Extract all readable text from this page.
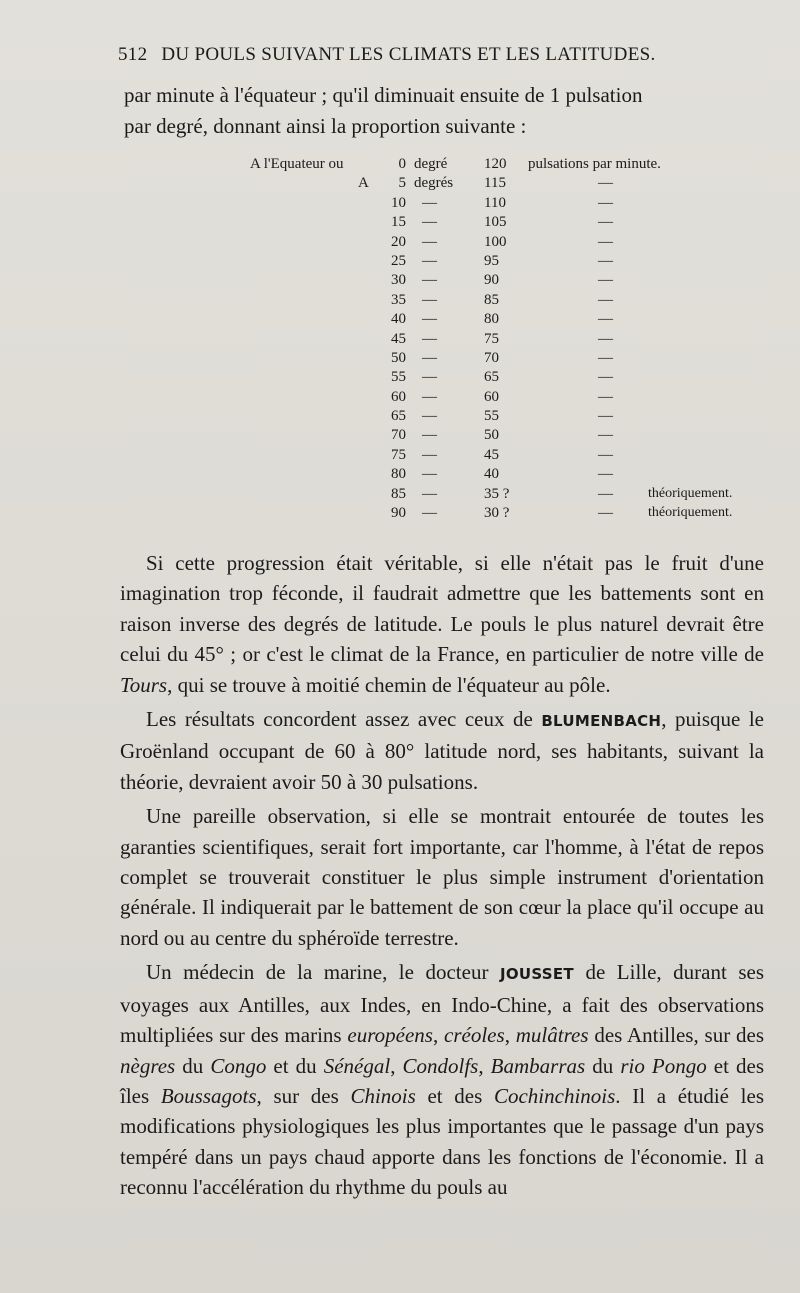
512 DU POULS SUIVANT LES CLIMATS ET LES LATITUDES.

par minute à l'équateur ; qu'il diminuait ensuite de 1 pulsation

par degré, donnant ainsi la proportion suivante :

A l'Equateur ou	0 degré 120 pulsations par minute.
A	5 degrés 115	—
10 —	110	—
15 —	105	—
20 —	100	—
25 —	95	—
30 —	90	—
35 —	85	—
40 —	80	—
45 —	75	—
50 —	70	—
55 —	65	—
60 —	60	—
65 —	55	—
70 —	50	—
75 —	45	—
80 —	40	—
85 —	35 ?	—	théoriquement.
90 —	30 ?	—	théoriquement.

Si cette progression était véritable, si elle n'était pas le fruit d'une imagination trop féconde, il faudrait admettre que les battements sont en raison inverse des degrés de latitude. Le pouls le plus naturel devrait être celui du 45° ; or c'est le climat de la France, en particulier de notre ville de Tours, qui se trouve à moitié chemin de l'équateur au pôle.

Les résultats concordent assez avec ceux de BLUMENBACH, puisque le Groënland occupant de 60 à 80° latitude nord, ses habitants, suivant la théorie, devraient avoir 50 à 30 pulsations.

Une pareille observation, si elle se montrait entourée de toutes les garanties scientifiques, serait fort importante, car l'homme, à l'état de repos complet se trouverait constituer le plus simple instrument d'orientation générale. Il indiquerait par le battement de son cœur la place qu'il occupe au nord ou au centre du sphéroïde terrestre.

Un médecin de la marine, le docteur JOUSSET de Lille, durant ses voyages aux Antilles, aux Indes, en Indo-Chine, a fait des observations multipliées sur des marins européens, créoles, mulâtres des Antilles, sur des nègres du Congo et du Sénégal, Condolfs, Bambarras du rio Pongo et des îles Boussagots, sur des Chinois et des Cochinchinois. Il a étudié les modifications physiologiques les plus importantes que le passage d'un pays tempéré dans un pays chaud apporte dans les fonctions de l'économie. Il a reconnu l'accélération du rhythme du pouls au
